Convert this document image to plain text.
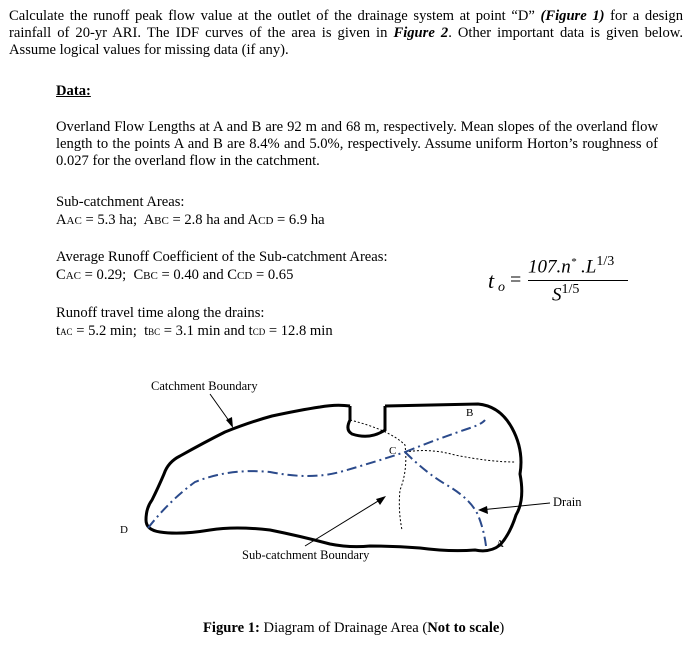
Calculate the runoff peak flow value at the outlet of the drainage system at point “D” (Figure 1) for a design rainfall of 20-yr ARI. The IDF curves of the area is given in Figure 2. Other important data is given below. Assume logical values for missing data (if any).
Data:
Overland Flow Lengths at A and B are 92 m and 68 m, respectively. Mean slopes of the overland flow length to the points A and B are 8.4% and 5.0%, respectively. Assume uniform Horton’s roughness of 0.027 for the overland flow in the catchment.
Sub-catchment Areas:
AAC = 5.3 ha; ABC = 2.8 ha and ACD = 6.9 ha
Average Runoff Coefficient of the Sub-catchment Areas:
CAC = 0.29; CBC = 0.40 and CCD = 0.65
Runoff travel time along the drains:
tAC = 5.2 min; tBC = 3.1 min and tCD = 12.8 min
t o =
107.n* $.L^{1/3}$
$S^{1/5}$
Catchment Boundary
Sub-catchment Boundary
Drain
B
C
A
D
Figure 1: Diagram of Drainage Area (Not to scale)
